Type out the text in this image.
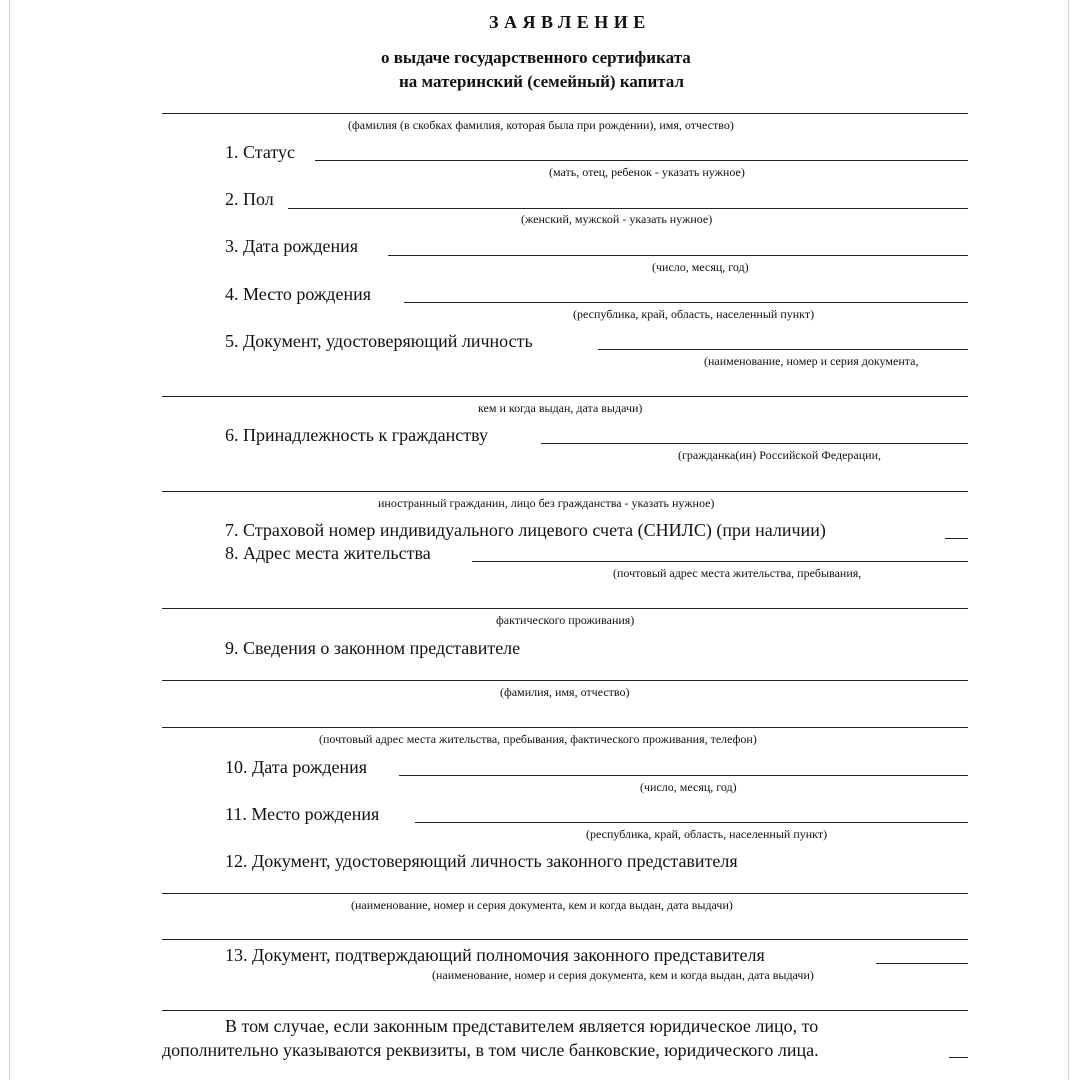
ЗАЯВЛЕНИЕ
о выдаче государственного сертификата
на материнский (семейный) капитал
(фамилия (в скобках фамилия, которая была при рождении), имя, отчество)
1. Статус
(мать, отец, ребенок - указать нужное)
2. Пол
(женский, мужской - указать нужное)
3. Дата рождения
(число, месяц, год)
4. Место рождения
(республика, край, область, населенный пункт)
5. Документ, удостоверяющий личность
(наименование, номер и серия документа,
кем и когда выдан, дата выдачи)
6. Принадлежность к гражданству
(гражданка(ин) Российской Федерации,
иностранный гражданин, лицо без гражданства - указать нужное)
7. Страховой номер индивидуального лицевого счета (СНИЛС) (при наличии)
8. Адрес места жительства
(почтовый адрес места жительства, пребывания,
фактического проживания)
9. Сведения о законном представителе
(фамилия, имя, отчество)
(почтовый адрес места жительства, пребывания, фактического проживания, телефон)
10. Дата рождения
(число, месяц, год)
11. Место рождения
(республика, край, область, населенный пункт)
12. Документ, удостоверяющий личность законного представителя
(наименование, номер и серия документа, кем и когда выдан, дата выдачи)
13. Документ, подтверждающий полномочия законного представителя
(наименование, номер и серия документа, кем и когда выдан, дата выдачи)
В том случае, если законным представителем является юридическое лицо, то
дополнительно указываются реквизиты, в том числе банковские, юридического лица.
